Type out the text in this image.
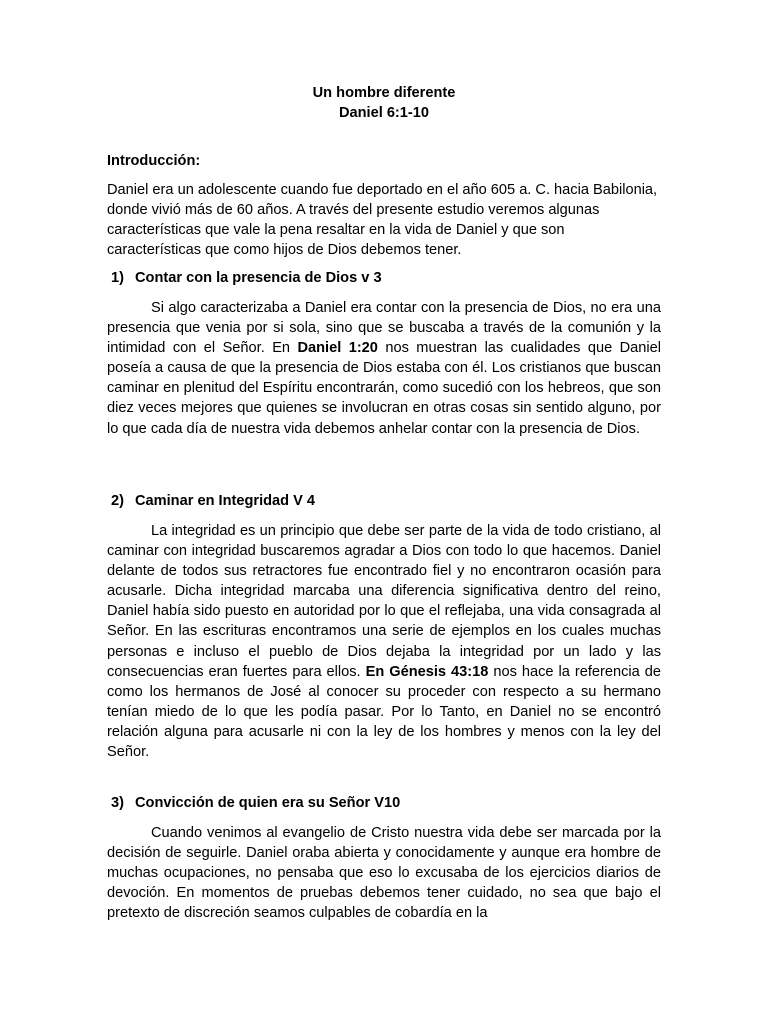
Un hombre diferente
Daniel 6:1-10
Introducción:
Daniel era un adolescente cuando fue deportado en el año 605 a. C. hacia Babilonia, donde vivió más de 60 años. A través del presente estudio veremos algunas características que vale la pena resaltar en la vida de Daniel y que son características que como hijos de Dios debemos tener.
1) Contar con la presencia de Dios v 3
Si algo caracterizaba a Daniel era contar con la presencia de Dios, no era una presencia que venia por si sola, sino que se buscaba a través de la comunión y la intimidad con el Señor. En Daniel 1:20 nos muestran las cualidades que Daniel poseía a causa de que la presencia de Dios estaba con él. Los cristianos que buscan caminar en plenitud del Espíritu encontrarán, como sucedió con los hebreos, que son diez veces mejores que quienes se involucran en otras cosas sin sentido alguno, por lo que cada día de nuestra vida debemos anhelar contar con la presencia de Dios.
2) Caminar en Integridad V 4
La integridad es un principio que debe ser parte de la vida de todo cristiano, al caminar con integridad buscaremos agradar a Dios con todo lo que hacemos. Daniel delante de todos sus retractores fue encontrado fiel y no encontraron ocasión para acusarle. Dicha integridad marcaba una diferencia significativa dentro del reino, Daniel había sido puesto en autoridad por lo que el reflejaba, una vida consagrada al Señor. En las escrituras encontramos una serie de ejemplos en los cuales muchas personas e incluso el pueblo de Dios dejaba la integridad por un lado y las consecuencias eran fuertes para ellos. En Génesis 43:18 nos hace la referencia de como los hermanos de José al conocer su proceder con respecto a su hermano tenían miedo de lo que les podía pasar. Por lo Tanto, en Daniel no se encontró relación alguna para acusarle ni con la ley de los hombres y menos con la ley del Señor.
3) Convicción de quien era su Señor V10
Cuando venimos al evangelio de Cristo nuestra vida debe ser marcada por la decisión de seguirle. Daniel oraba abierta y conocidamente y aunque era hombre de muchas ocupaciones, no pensaba que eso lo excusaba de los ejercicios diarios de devoción. En momentos de pruebas debemos tener cuidado, no sea que bajo el pretexto de discreción seamos culpables de cobardía en la
